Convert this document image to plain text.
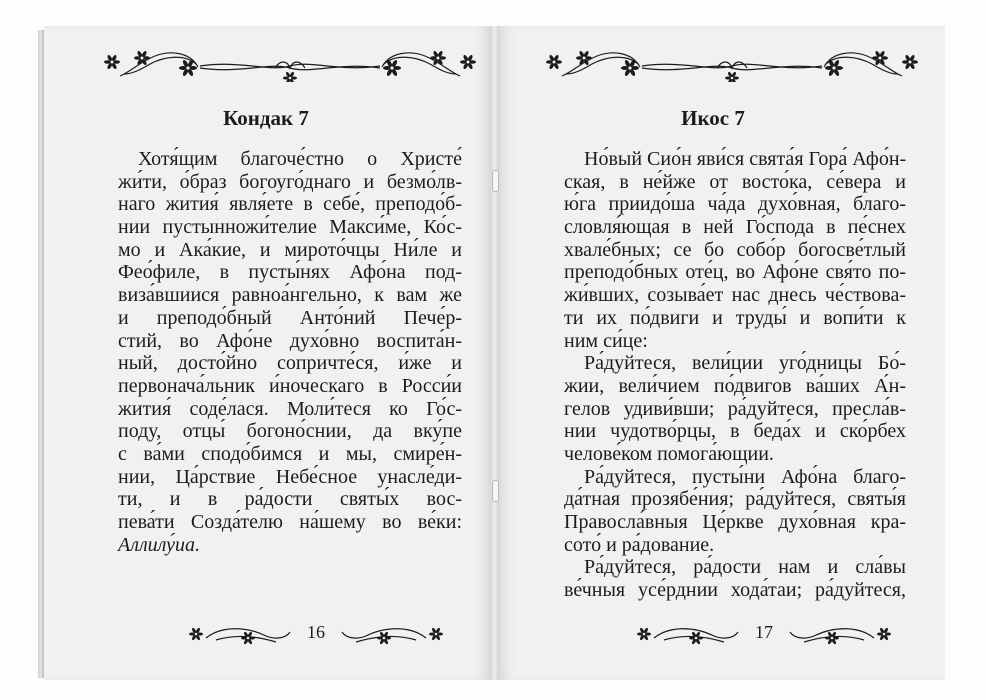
Кондак 7	Икос 7
Хотя́щим благоче́стно о Христе́
жи́ти, о́браз богоуго́днаго и безмо́лв-
наго жития́ явля́ете в себе́, преподо́б-
нии пустынножи́телие Макси́ме, Ко́с-
мо и Ака́кие, и мирото́чцы Ни́ле и
Фео́филе, в пусты́нях Афо́на под-
виза́вшиися равноа́нгельно, к вам же
и преподо́бный Анто́ний Пече́р-
стий, во Афо́не духо́вно воспита́н-
ный, досто́йно сопричте́ся, и́же и
первонача́льник и́ноческаго в Росси́и
жития́ соде́лася. Моли́теся ко Го́с-
поду, отцы́ богоно́снии, да вку́пе
с ва́ми сподо́бимся и мы, смире́н-
нии, Ца́рствие Небе́сное унасле́ди-
ти, и в ра́дости святы́х вос-
пева́ти Созда́телю на́шему во ве́ки:
Аллилу́иа.
Но́вый Сио́н яви́ся свята́я Гора́ Афо́н-
ская, в не́йже от восто́ка, се́вера и
ю́га приидо́ша ча́да духо́вная, благо-
словля́ющая в ней Го́спода в пе́снех
хвале́бных; се бо собо́р богосве́тлый
преподо́бных оте́ц, во Афо́не свя́то по-
жи́вших, созыва́ет нас днесь че́ствова-
ти их по́двиги и труды́ и вопи́ти к
ним си́це:
Ра́дуйтеся, вели́ции уго́дницы Бо́-
жии, вели́чием по́двигов ва́ших А́н-
гелов удиви́вши; ра́дуйтеся, пресла́в-
нии чудотво́рцы, в беда́х и ско́рбех
челове́ком помога́ющии.
Ра́дуйтеся, пусты́ни Афо́на благо-
да́тная прозябе́ния; ра́дуйтеся, святы́я
Правосла́вныя Це́ркве духо́вная кра-
сото́ и ра́дование.
Ра́дуйтеся, ра́дости нам и сла́вы
ве́чныя усе́рднии хода́таи; ра́дуйтеся,
16	17
